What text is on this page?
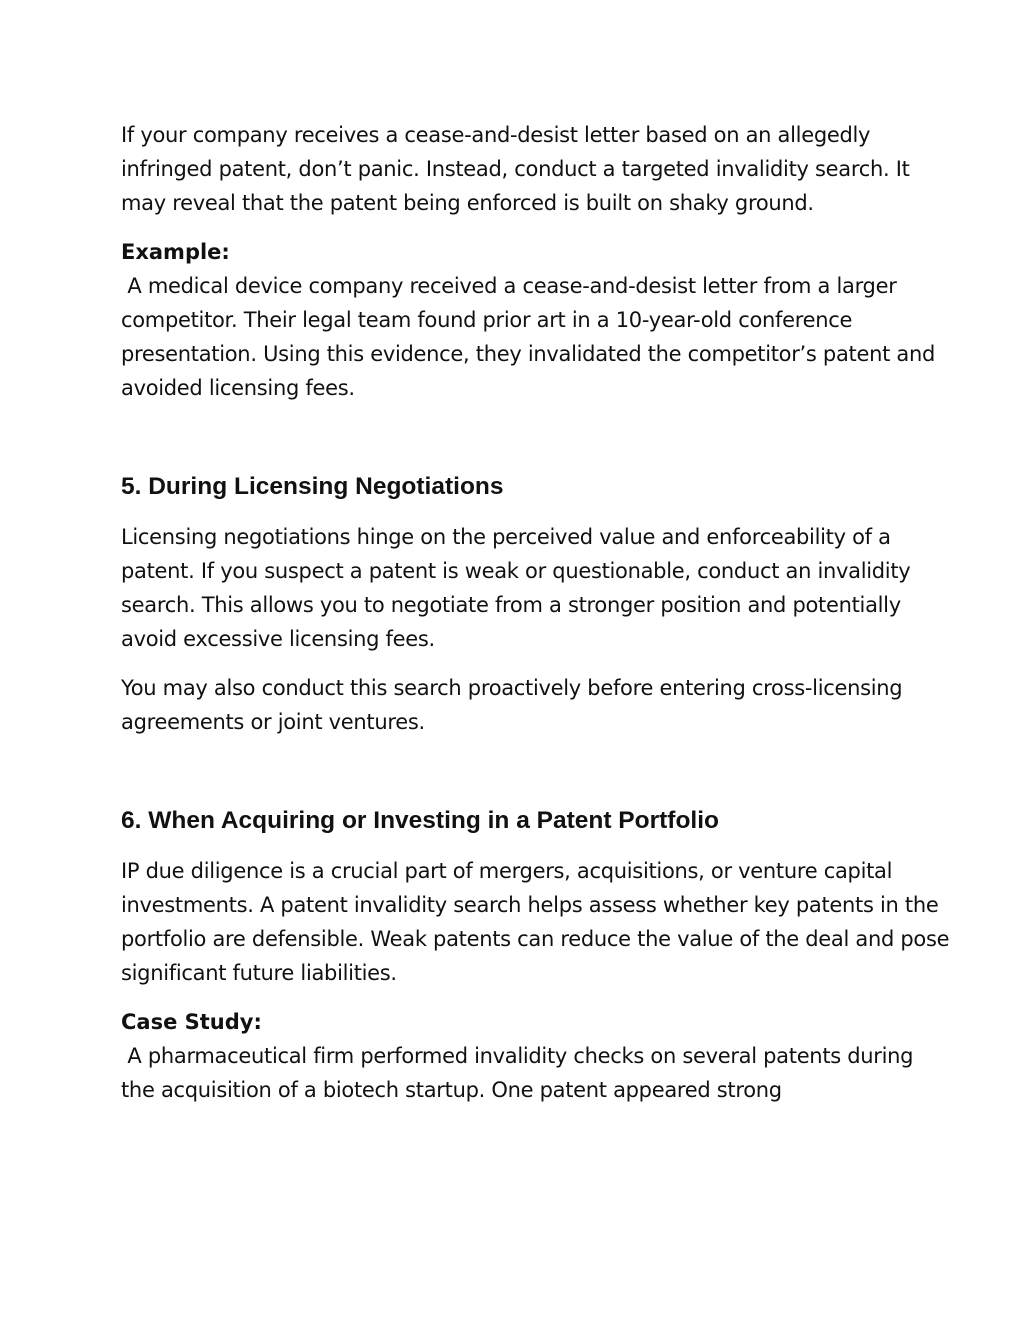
If your company receives a cease-and-desist letter based on an allegedly infringed patent, don’t panic. Instead, conduct a targeted invalidity search. It may reveal that the patent being enforced is built on shaky ground.

Example:

A medical device company received a cease-and-desist letter from a larger competitor. Their legal team found prior art in a 10-year-old conference presentation. Using this evidence, they invalidated the competitor’s patent and avoided licensing fees.

5. During Licensing Negotiations

Licensing negotiations hinge on the perceived value and enforceability of a patent. If you suspect a patent is weak or questionable, conduct an invalidity search. This allows you to negotiate from a stronger position and potentially avoid excessive licensing fees.

You may also conduct this search proactively before entering cross-licensing agreements or joint ventures.

6. When Acquiring or Investing in a Patent Portfolio

IP due diligence is a crucial part of mergers, acquisitions, or venture capital investments. A patent invalidity search helps assess whether key patents in the portfolio are defensible. Weak patents can reduce the value of the deal and pose significant future liabilities.

Case Study:

A pharmaceutical firm performed invalidity checks on several patents during the acquisition of a biotech startup. One patent appeared strong
